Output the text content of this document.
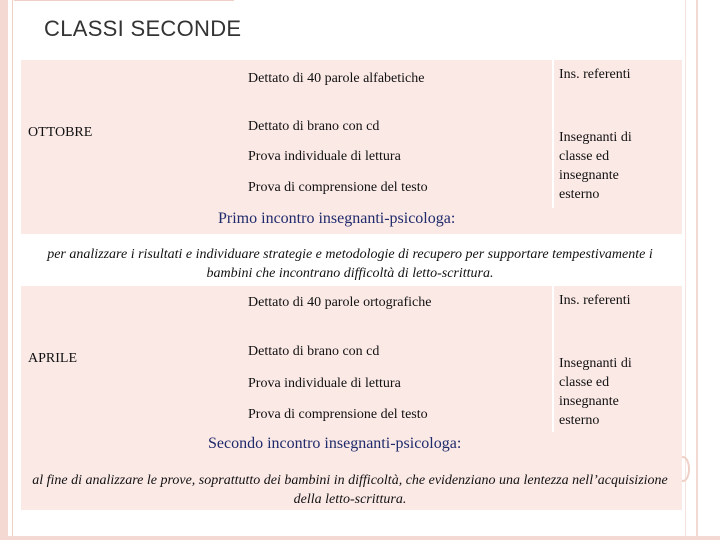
CLASSI SECONDE
OTTOBRE
Dettato di 40 parole alfabetiche
Dettato di brano con cd
Prova individuale di lettura
Prova di comprensione del testo
Ins. referenti
Insegnanti di classe ed insegnante esterno
Primo incontro insegnanti-psicologa:
per analizzare i risultati e individuare strategie e metodologie di recupero per supportare tempestivamente i bambini che incontrano difficoltà di letto-scrittura.
APRILE
Dettato di 40 parole ortografiche
Dettato di brano con cd
Prova individuale di lettura
Prova di comprensione del testo
Ins. referenti
Insegnanti di classe ed insegnante esterno
Secondo incontro insegnanti-psicologa:
al fine di analizzare le prove, soprattutto dei bambini in difficoltà, che evidenziano una lentezza nell’acquisizione della letto-scrittura.
